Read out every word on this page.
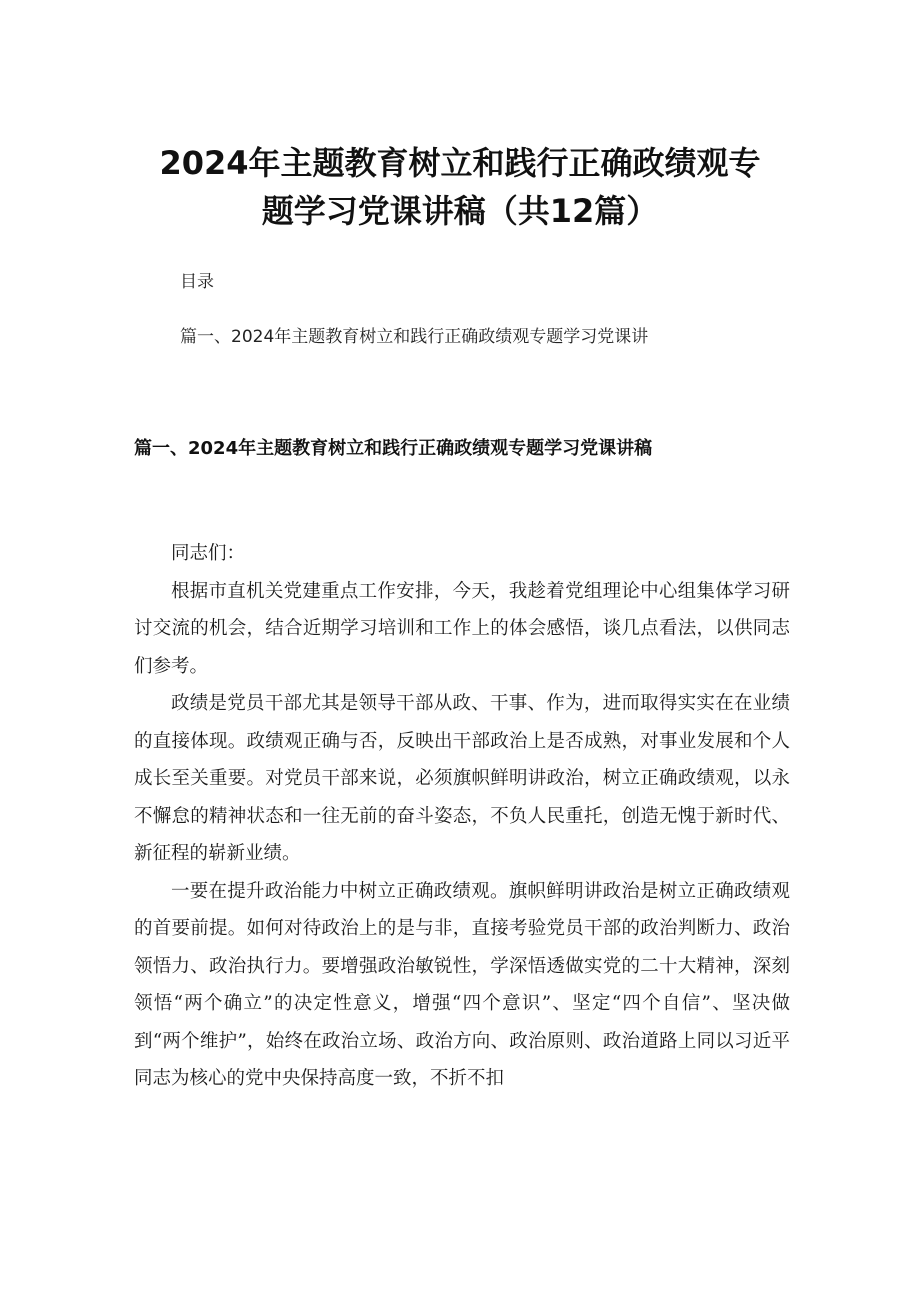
2024年主题教育树立和践行正确政绩观专
题学习党课讲稿（共12篇）
目录
篇一、2024年主题教育树立和践行正确政绩观专题学习党课讲
篇一、2024年主题教育树立和践行正确政绩观专题学习党课讲稿

同志们：

根据市直机关党建重点工作安排，今天，我趁着党组理论中心组集体学习研讨交流的机会，结合近期学习培训和工作上的体会感悟，谈几点看法，以供同志们参考。

政绩是党员干部尤其是领导干部从政、干事、作为，进而取得实实在在业绩的直接体现。政绩观正确与否，反映出干部政治上是否成熟，对事业发展和个人成长至关重要。对党员干部来说，必须旗帜鲜明讲政治，树立正确政绩观，以永不懈怠的精神状态和一往无前的奋斗姿态，不负人民重托，创造无愧于新时代、新征程的崭新业绩。

一要在提升政治能力中树立正确政绩观。旗帜鲜明讲政治是树立正确政绩观的首要前提。如何对待政治上的是与非，直接考验党员干部的政治判断力、政治领悟力、政治执行力。要增强政治敏锐性，学深悟透做实党的二十大精神，深刻领悟“两个确立”的决定性意义，增强“四个意识”、坚定“四个自信”、坚决做到“两个维护”，始终在政治立场、政治方向、政治原则、政治道路上同以习近平同志为核心的党中央保持高度一致，不折不扣
